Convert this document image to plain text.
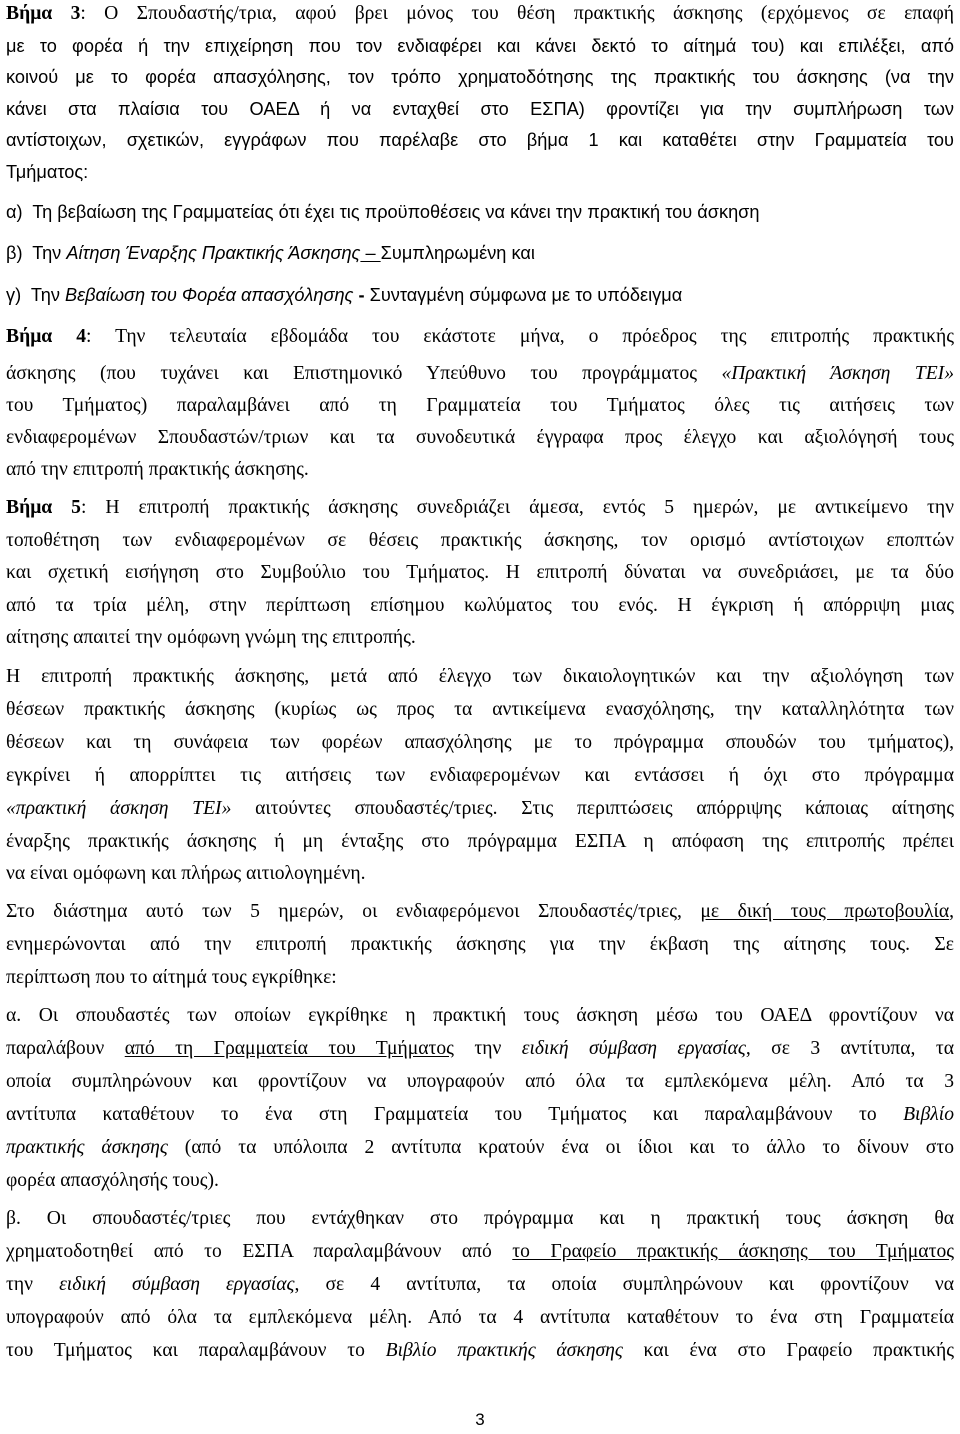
Βήμα 3: Ο Σπουδαστής/τρια, αφού βρει μόνος του θέση πρακτικής άσκησης (ερχόμενος σε επαφή
με το φορέα ή την επιχείρηση που τον ενδιαφέρει και κάνει δεκτό το αίτημά του) και επιλέξει, από
κοινού με το φορέα απασχόλησης, τον τρόπο χρηματοδότησης της πρακτικής του άσκησης (να την
κάνει στα πλαίσια του ΟΑΕΔ ή να ενταχθεί στο ΕΣΠΑ) φροντίζει για την συμπλήρωση των
αντίστοιχων, σχετικών, εγγράφων που παρέλαβε στο βήμα 1 και καταθέτει στην Γραμματεία του
Τμήματος:
α)  Τη βεβαίωση της Γραμματείας ότι έχει τις προϋποθέσεις να κάνει την πρακτική του άσκηση
β)  Την Αίτηση Έναρξης Πρακτικής Άσκησης – Συμπληρωμένη και
γ)  Την Βεβαίωση του Φορέα απασχόλησης - Συνταγμένη σύμφωνα με το υπόδειγμα
Βήμα 4: Την τελευταία εβδομάδα του εκάστοτε μήνα, ο πρόεδρος της επιτροπής πρακτικής
άσκησης (που τυχάνει και Επιστημονικό Υπεύθυνο του προγράμματος «Πρακτική Άσκηση ΤΕΙ»
του Τμήματος) παραλαμβάνει από τη Γραμματεία του Τμήματος όλες τις αιτήσεις των
ενδιαφερομένων Σπουδαστών/τριων και τα συνοδευτικά έγγραφα προς έλεγχο και αξιολόγησή τους
από την επιτροπή πρακτικής άσκησης.
Βήμα 5: Η επιτροπή πρακτικής άσκησης συνεδριάζει άμεσα, εντός 5 ημερών, με αντικείμενο την
τοποθέτηση των ενδιαφερομένων σε θέσεις πρακτικής άσκησης, τον ορισμό αντίστοιχων εποπτών
και σχετική εισήγηση στο Συμβούλιο του Τμήματος. Η επιτροπή δύναται να συνεδριάσει, με τα δύο
από τα τρία μέλη, στην περίπτωση επίσημου κωλύματος του ενός. Η έγκριση ή απόρριψη μιας
αίτησης απαιτεί την ομόφωνη γνώμη της επιτροπής.
Η επιτροπή πρακτικής άσκησης, μετά από έλεγχο των δικαιολογητικών και την αξιολόγηση των
θέσεων πρακτικής άσκησης (κυρίως ως προς τα αντικείμενα ενασχόλησης, την καταλληλότητα των
θέσεων και τη συνάφεια των φορέων απασχόλησης με το πρόγραμμα σπουδών του τμήματος),
εγκρίνει ή απορρίπτει τις αιτήσεις των ενδιαφερομένων και εντάσσει ή όχι στο πρόγραμμα
«πρακτική άσκηση ΤΕΙ» αιτούντες σπουδαστές/τριες. Στις περιπτώσεις απόρριψης κάποιας αίτησης
έναρξης πρακτικής άσκησης ή μη ένταξης στο πρόγραμμα ΕΣΠΑ η απόφαση της επιτροπής πρέπει
να είναι ομόφωνη και πλήρως αιτιολογημένη.
Στο διάστημα αυτό των 5 ημερών, οι ενδιαφερόμενοι Σπουδαστές/τριες, με δική τους πρωτοβουλία,
ενημερώνονται από την επιτροπή πρακτικής άσκησης για την έκβαση της αίτησης τους. Σε
περίπτωση που το αίτημά τους εγκρίθηκε:
α. Οι σπουδαστές των οποίων εγκρίθηκε η πρακτική τους άσκηση μέσω του ΟΑΕΔ φροντίζουν να
παραλάβουν από τη Γραμματεία του Τμήματος την ειδική σύμβαση εργασίας, σε 3 αντίτυπα, τα
οποία συμπληρώνουν και φροντίζουν να υπογραφούν από όλα τα εμπλεκόμενα μέλη. Από τα 3
αντίτυπα καταθέτουν το ένα στη Γραμματεία του Τμήματος και παραλαμβάνουν το Βιβλίο
πρακτικής άσκησης (από τα υπόλοιπα 2 αντίτυπα κρατούν ένα οι ίδιοι και το άλλο το δίνουν στο
φορέα απασχόλησής τους).
β. Οι σπουδαστές/τριες που εντάχθηκαν στο πρόγραμμα και η πρακτική τους άσκηση θα
χρηματοδοτηθεί από το ΕΣΠΑ παραλαμβάνουν από το Γραφείο πρακτικής άσκησης του Τμήματος
την ειδική σύμβαση εργασίας, σε 4 αντίτυπα, τα οποία συμπληρώνουν και φροντίζουν να
υπογραφούν από όλα τα εμπλεκόμενα μέλη. Από τα 4 αντίτυπα καταθέτουν το ένα στη Γραμματεία
του Τμήματος και παραλαμβάνουν το Βιβλίο πρακτικής άσκησης και ένα στο Γραφείο πρακτικής
3
